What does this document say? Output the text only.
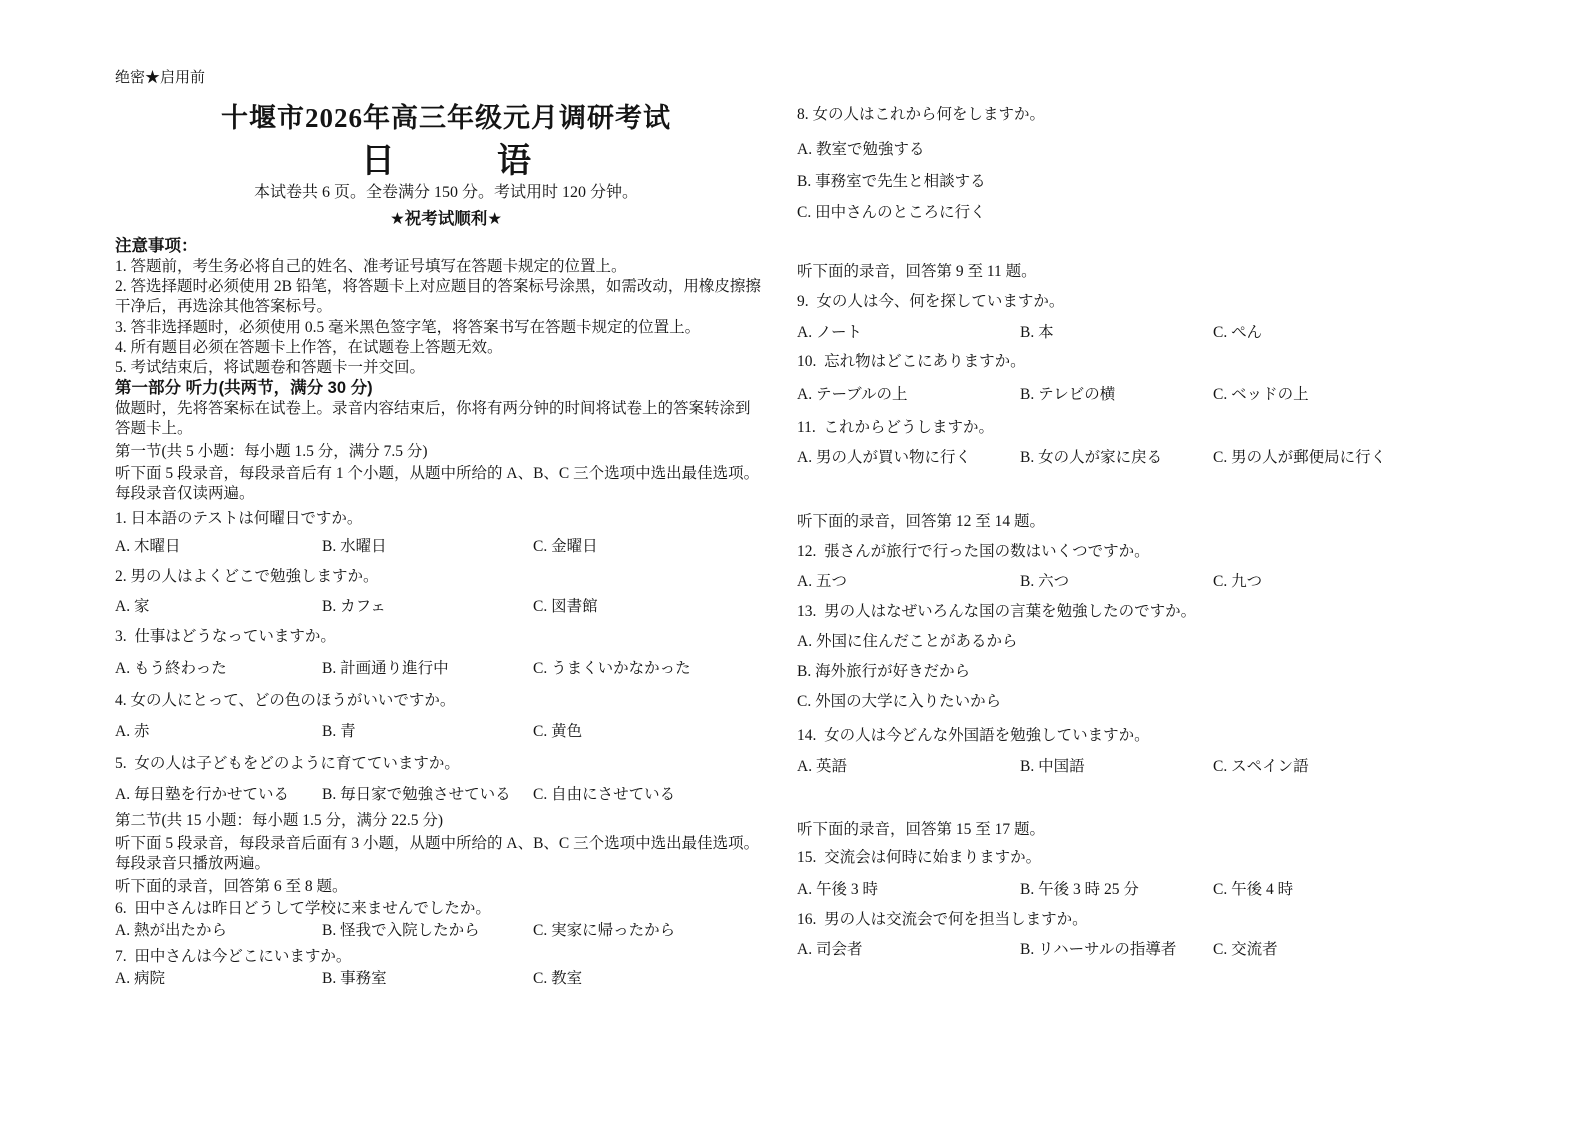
绝密★启用前
十堰市2026年高三年级元月调研考试
日　　　语
本试卷共 6 页。全卷满分 150 分。考试用时 120 分钟。
★祝考试顺利★
注意事项：
1. 答题前，考生务必将自己的姓名、准考证号填写在答题卡规定的位置上。
2. 答选择题时必须使用 2B 铅笔，将答题卡上对应题目的答案标号涂黑，如需改动，用橡皮擦擦
干净后，再选涂其他答案标号。
3. 答非选择题时，必须使用 0.5 毫米黑色签字笔，将答案书写在答题卡规定的位置上。
4. 所有题目必须在答题卡上作答，在试题卷上答题无效。
5. 考试结束后，将试题卷和答题卡一并交回。
第一部分 听力(共两节，满分 30 分)
做题时，先将答案标在试卷上。录音内容结束后，你将有两分钟的时间将试卷上的答案转涂到
答题卡上。
第一节(共 5 小题：每小题 1.5 分，满分 7.5 分)
听下面 5 段录音，每段录音后有 1 个小题，从题中所给的 A、B、C 三个选项中选出最佳选项。
每段录音仅读两遍。
1. 日本語のテストは何曜日ですか。
A. 木曜日	B. 水曜日	C. 金曜日
2. 男の人はよくどこで勉強しますか。
A. 家	B. カフェ	C. 図書館
3.  仕事はどうなっていますか。
A. もう終わった	B. 計画通り進行中	C. うまくいかなかった
4. 女の人にとって、どの色のほうがいいですか。
A. 赤	B. 青	C. 黄色
5.  女の人は子どもをどのように育てていますか。
A. 毎日塾を行かせている B. 毎日家で勉強させている C. 自由にさせている
第二节(共 15 小题：每小题 1.5 分，满分 22.5 分)
听下面 5 段录音，每段录音后面有 3 小题，从题中所给的 A、B、C 三个选项中选出最佳选项。
每段录音只播放两遍。
听下面的录音，回答第 6 至 8 题。
6.  田中さんは昨日どうして学校に来ませんでしたか。
A. 熱が出たから	B. 怪我で入院したから	C. 実家に帰ったから
7.  田中さんは今どこにいますか。
A. 病院	B. 事務室	C. 教室
8. 女の人はこれから何をしますか。
A. 教室で勉強する
B. 事務室で先生と相談する
C. 田中さんのところに行く
听下面的录音，回答第 9 至 11 题。
9.  女の人は今、何を探していますか。
A. ノート	B. 本	C. ぺん
10.  忘れ物はどこにありますか。
A. テーブルの上	B. テレビの横	C. ベッドの上
11.  これからどうしますか。
A. 男の人が買い物に行く	B. 女の人が家に戻る	C. 男の人が郵便局に行く
听下面的录音，回答第 12 至 14 题。
12.  張さんが旅行で行った国の数はいくつですか。
A. 五つ	B. 六つ	C. 九つ
13.  男の人はなぜいろんな国の言葉を勉強したのですか。
A. 外国に住んだことがあるから
B. 海外旅行が好きだから
C. 外国の大学に入りたいから
14.  女の人は今どんな外国語を勉強していますか。
A. 英語	B. 中国語	C. スペイン語
听下面的录音，回答第 15 至 17 题。
15.  交流会は何時に始まりますか。
A. 午後 3 時	B. 午後 3 時 25 分	C. 午後 4 時
16.  男の人は交流会で何を担当しますか。
A. 司会者	B. リハーサルの指導者 C. 交流者
